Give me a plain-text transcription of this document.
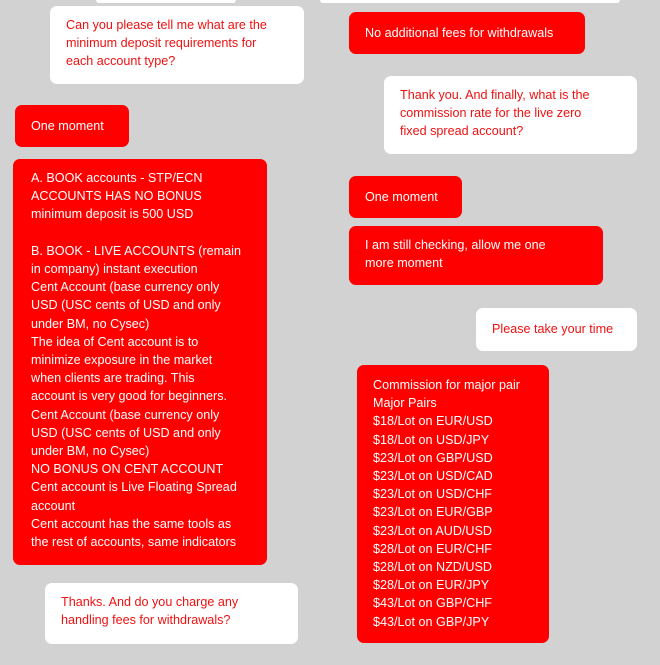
Can you please tell me what are the
minimum deposit requirements for
each account type?
One moment
A. BOOK accounts - STP/ECN
ACCOUNTS HAS NO BONUS
minimum deposit is 500 USD

B. BOOK - LIVE ACCOUNTS (remain
in company) instant execution
Cent Account (base currency only
USD (USC cents of USD and only
under BM, no Cysec)
The idea of Cent account is to
minimize exposure in the market
when clients are trading. This
account is very good for beginners.
Cent Account (base currency only
USD (USC cents of USD and only
under BM, no Cysec)
NO BONUS ON CENT ACCOUNT
Cent account is Live Floating Spread
account
Cent account has the same tools as
the rest of accounts, same indicators
Thanks. And do you charge any
handling fees for withdrawals?
No additional fees for withdrawals
Thank you. And finally, what is the
commission rate for the live zero
fixed spread account?
One moment
I am still checking, allow me one
more moment
Please take your time
Commission for major pair
Major Pairs
$18/Lot on EUR/USD
$18/Lot on USD/JPY
$23/Lot on GBP/USD
$23/Lot on USD/CAD
$23/Lot on USD/CHF
$23/Lot on EUR/GBP
$23/Lot on AUD/USD
$28/Lot on EUR/CHF
$28/Lot on NZD/USD
$28/Lot on EUR/JPY
$43/Lot on GBP/CHF
$43/Lot on GBP/JPY
